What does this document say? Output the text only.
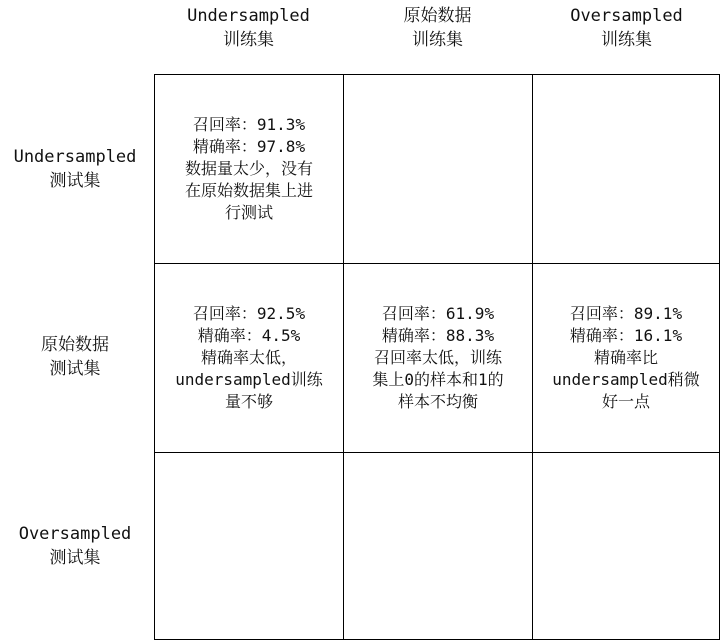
Undersampled
训练集
原始数据
训练集
Oversampled
训练集
Undersampled
测试集
原始数据
测试集
Oversampled
测试集
召回率：91.3%
精确率：97.8%
数据量太少，没有
在原始数据集上进
行测试
召回率：92.5%
精确率：4.5%
精确率太低，
undersampled训练
量不够
召回率：61.9%
精确率：88.3%
召回率太低，训练
集上0的样本和1的
样本不均衡
召回率：89.1%
精确率：16.1%
精确率比
undersampled稍微
好一点
